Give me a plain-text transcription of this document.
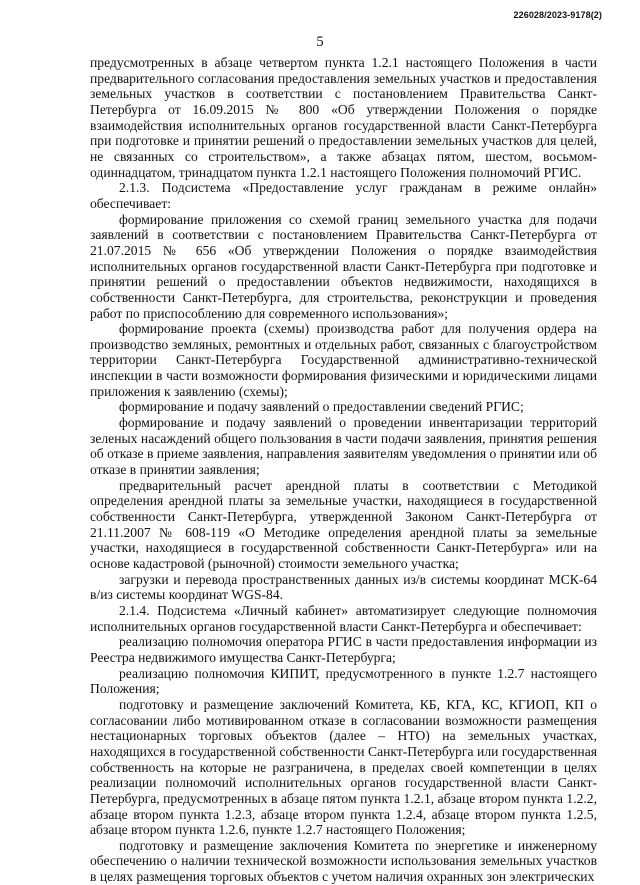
226028/2023-9178(2)
5

предусмотренных в абзаце четвертом пункта 1.2.1 настоящего Положения в части предварительного согласования предоставления земельных участков и предоставления земельных участков в соответствии с постановлением Правительства Санкт-Петербурга от 16.09.2015 № 800 «Об утверждении Положения о порядке взаимодействия исполнительных органов государственной власти Санкт-Петербурга при подготовке и принятии решений о предоставлении земельных участков для целей, не связанных со строительством», а также абзацах пятом, шестом, восьмом-одиннадцатом, тринадцатом пункта 1.2.1 настоящего Положения полномочий РГИС.

2.1.3. Подсистема «Предоставление услуг гражданам в режиме онлайн» обеспечивает:

формирование приложения со схемой границ земельного участка для подачи заявлений в соответствии с постановлением Правительства Санкт-Петербурга от 21.07.2015 № 656 «Об утверждении Положения о порядке взаимодействия исполнительных органов государственной власти Санкт-Петербурга при подготовке и принятии решений о предоставлении объектов недвижимости, находящихся в собственности Санкт-Петербурга, для строительства, реконструкции и проведения работ по приспособлению для современного использования»;

формирование проекта (схемы) производства работ для получения ордера на производство земляных, ремонтных и отдельных работ, связанных с благоустройством территории Санкт-Петербурга Государственной административно-технической инспекции в части возможности формирования физическими и юридическими лицами приложения к заявлению (схемы);

формирование и подачу заявлений о предоставлении сведений РГИС;

формирование и подачу заявлений о проведении инвентаризации территорий зеленых насаждений общего пользования в части подачи заявления, принятия решения об отказе в приеме заявления, направления заявителям уведомления о принятии или об отказе в принятии заявления;

предварительный расчет арендной платы в соответствии с Методикой определения арендной платы за земельные участки, находящиеся в государственной собственности Санкт-Петербурга, утвержденной Законом Санкт-Петербурга от 21.11.2007 № 608-119 «О Методике определения арендной платы за земельные участки, находящиеся в государственной собственности Санкт-Петербурга» или на основе кадастровой (рыночной) стоимости земельного участка;

загрузки и перевода пространственных данных из/в системы координат МСК-64 в/из системы координат WGS-84.

2.1.4. Подсистема «Личный кабинет» автоматизирует следующие полномочия исполнительных органов государственной власти Санкт-Петербурга и обеспечивает:

реализацию полномочия оператора РГИС в части предоставления информации из Реестра недвижимого имущества Санкт-Петербурга;

реализацию полномочия КИПИТ, предусмотренного в пункте 1.2.7 настоящего Положения;

подготовку и размещение заключений Комитета, КБ, КГА, КС, КГИОП, КП о согласовании либо мотивированном отказе в согласовании возможности размещения нестационарных торговых объектов (далее – НТО) на земельных участках, находящихся в государственной собственности Санкт-Петербурга или государственная собственность на которые не разграничена, в пределах своей компетенции в целях реализации полномочий исполнительных органов государственной власти Санкт-Петербурга, предусмотренных в абзаце пятом пункта 1.2.1, абзаце втором пункта 1.2.2, абзаце втором пункта 1.2.3, абзаце втором пункта 1.2.4, абзаце втором пункта 1.2.5, абзаце втором пункта 1.2.6, пункте 1.2.7 настоящего Положения;

подготовку и размещение заключения Комитета по энергетике и инженерному обеспечению о наличии технической возможности использования земельных участков в целях размещения торговых объектов с учетом наличия охранных зон электрических
